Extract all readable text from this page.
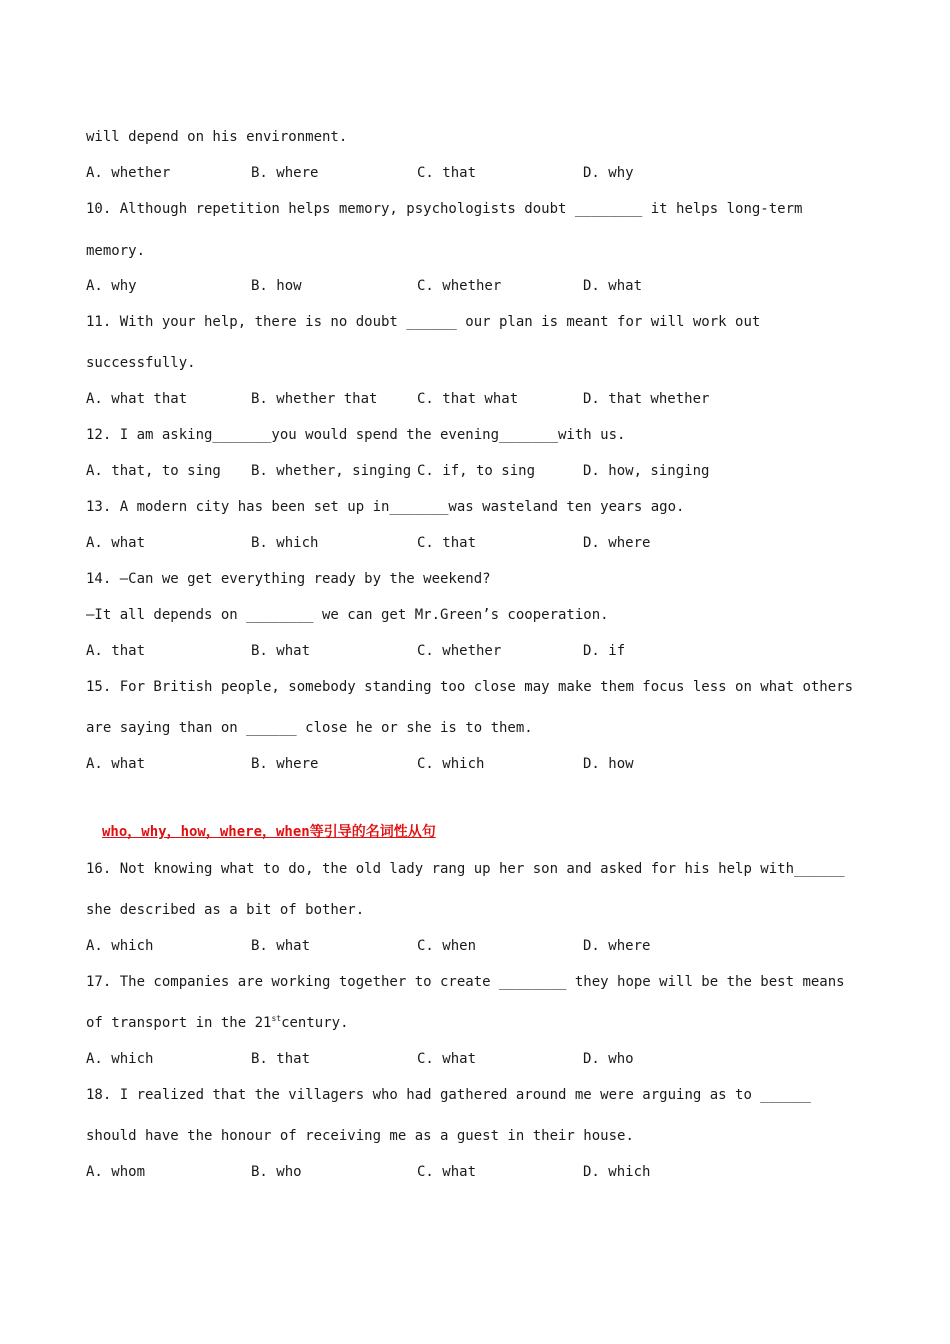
will depend on his environment.
A. whether	B. where	C. that	D. why
10. Although repetition helps memory, psychologists doubt ________ it helps long-term
memory.
A. why	B. how	C. whether	D. what
11. With your help, there is no doubt ______ our plan is meant for will work out
successfully.
A. what that	B. whether that	C. that what	D. that whether
12. I am asking_______you would spend the evening_______with us.
A. that, to sing B. whether, singing C. if, to sing	D. how, singing
13. A modern city has been set up in_______was wasteland ten years ago.
A. what	B. which	C. that	D. where
14. —Can we get everything ready by the weekend?
—It all depends on ________ we can get Mr.Green’s cooperation.
A. that	B. what	C. whether	D. if
15. For British people, somebody standing too close may make them focus less on what others
are saying than on ______ close he or she is to them.
A. what	B. where	C. which	D. how
who，why，how，where，when等引导的名词性从句
16. Not knowing what to do, the old lady rang up her son and asked for his help with______
she described as a bit of bother.
A. which	B. what	C. when	D. where
17. The companies are working together to create ________ they hope will be the best means
of transport in the 21stcentury.
A. which	B. that	C. what	D. who
18. I realized that the villagers who had gathered around me were arguing as to ______
should have the honour of receiving me as a guest in their house.
A. whom	B. who	C. what	D. which
